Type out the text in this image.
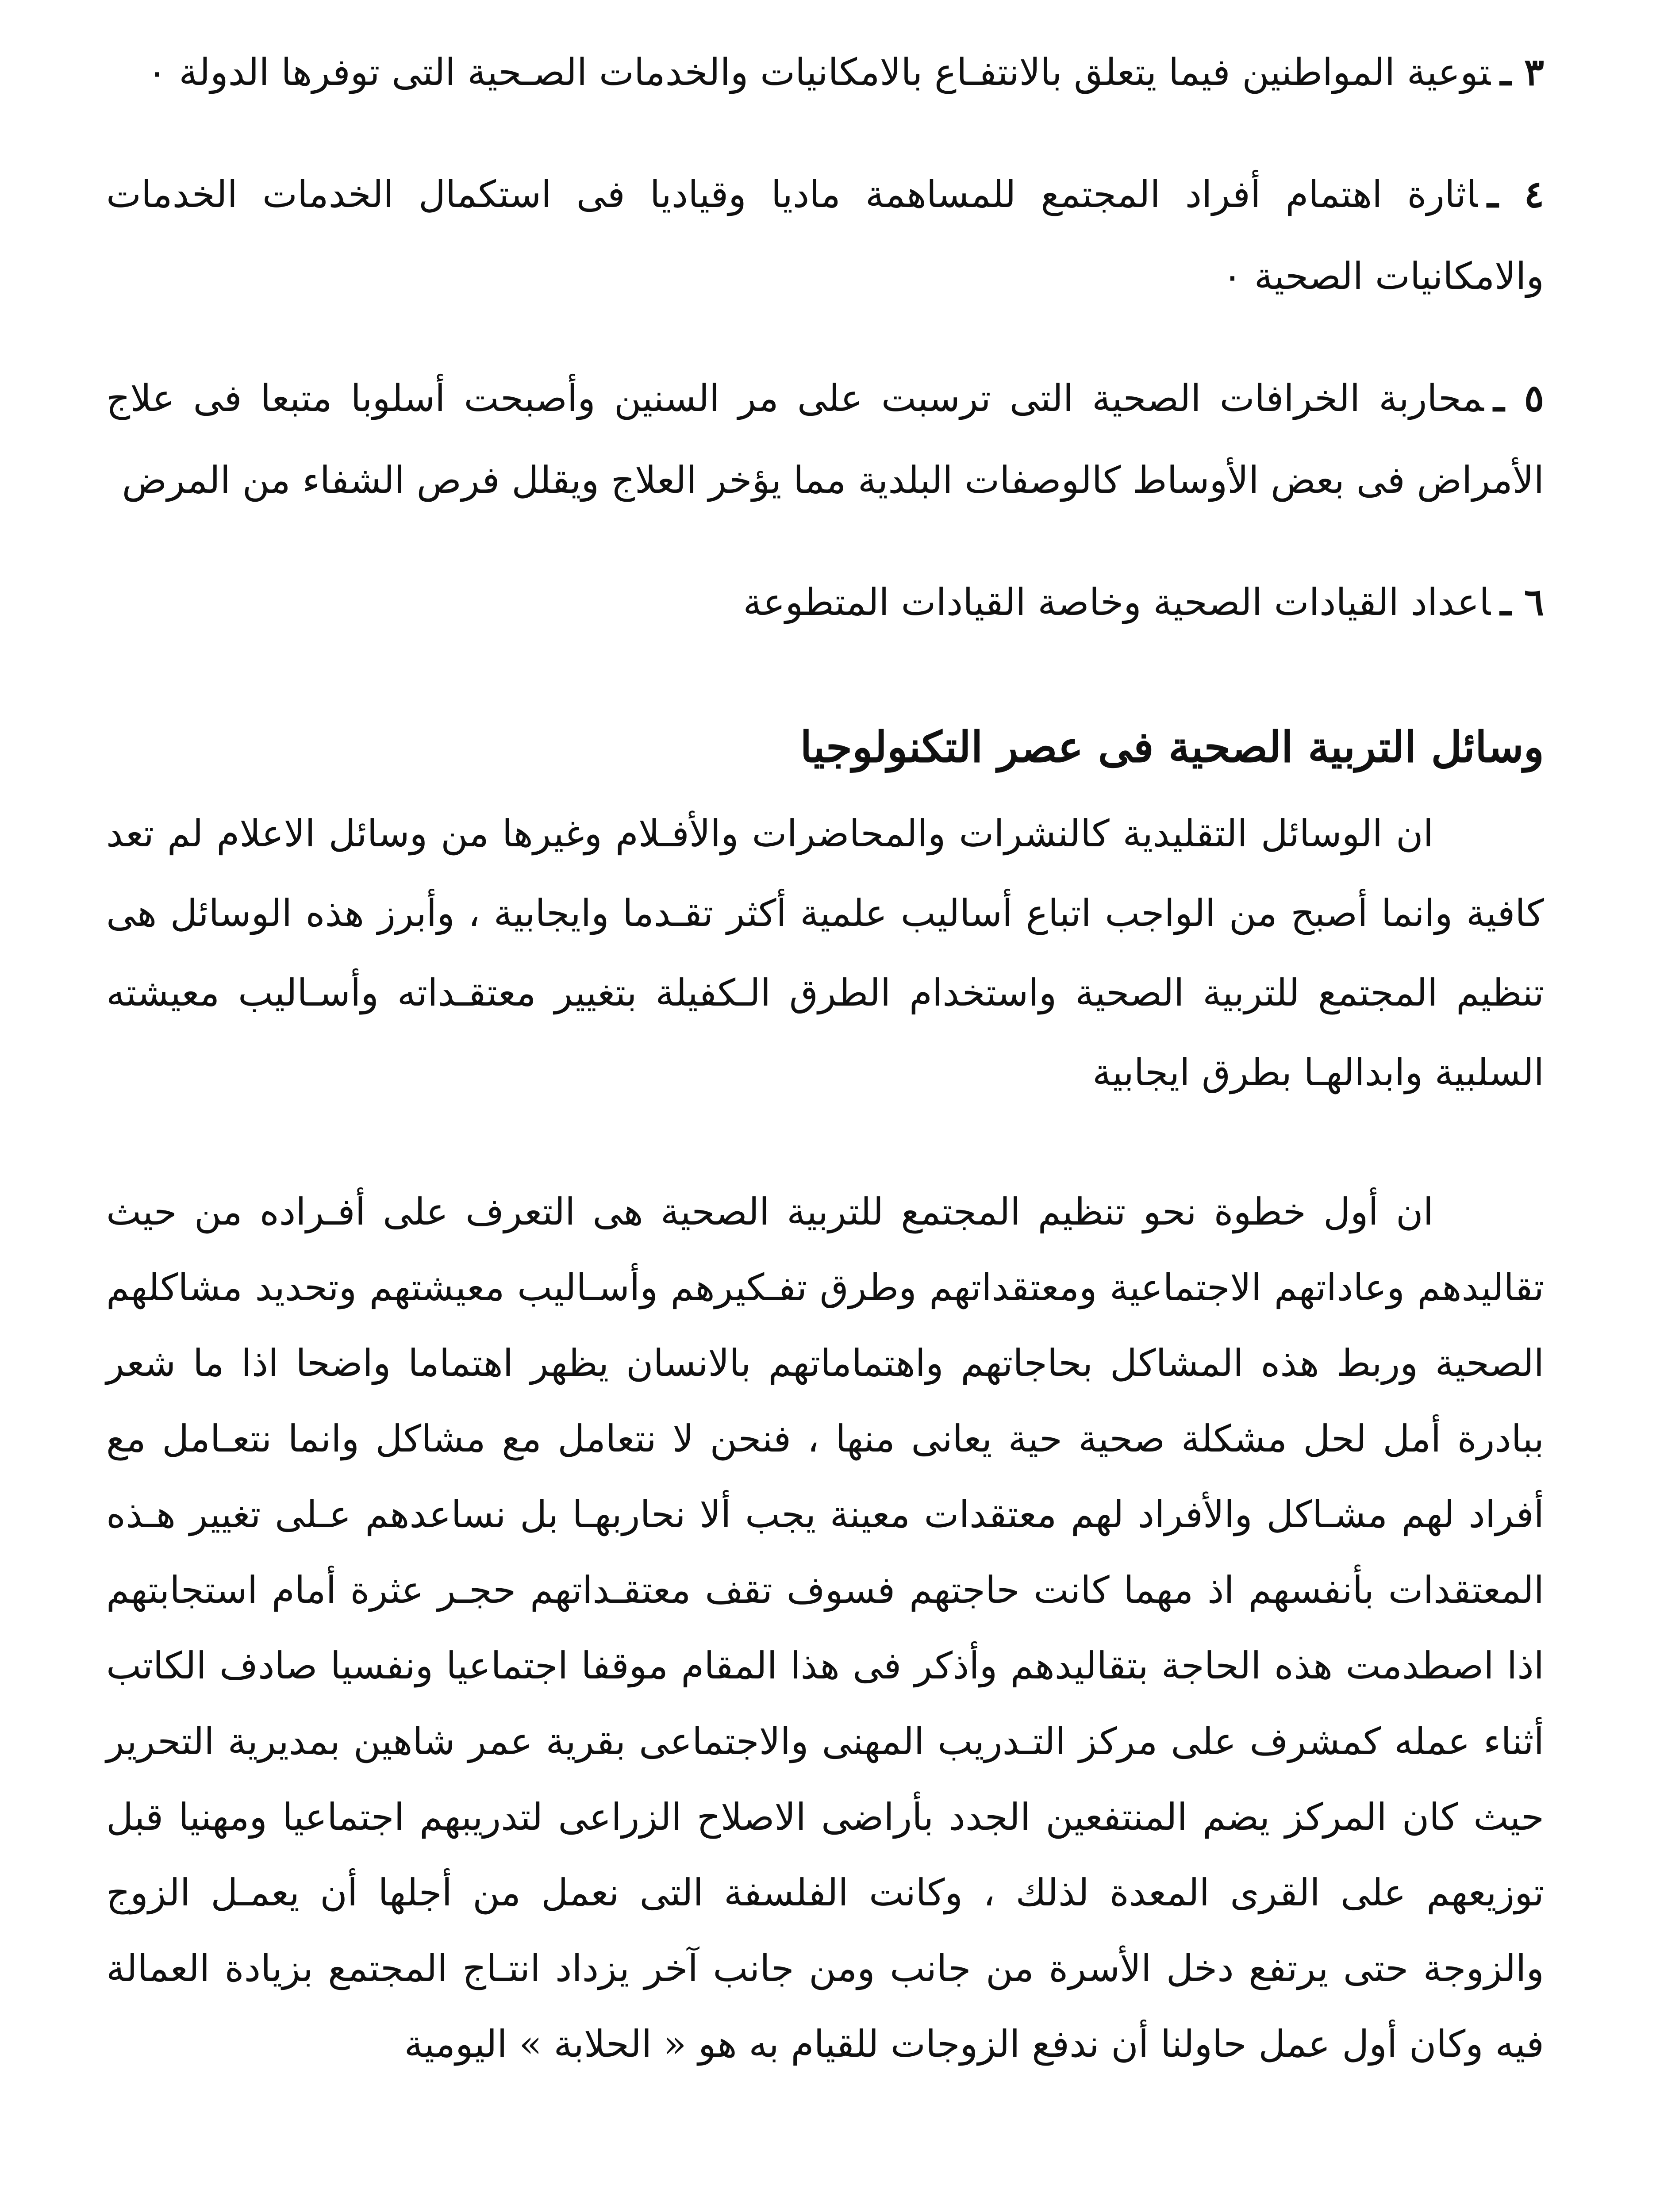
٣ ـتوعية المواطنين فيما يتعلق بالانتفـاع بالامكانيات والخدمات الصـحية التى توفرها الدولة ٠
٤ ـاثارة اهتمام أفراد المجتمع للمساهمة ماديا وقياديا فى استكمال الخدمات الخدمات والامكانيات الصحية ٠
٥ ـمحاربة الخرافات الصحية التى ترسبت على مر السنين وأصبحت أسلوبا متبعا فى علاج الأمراض فى بعض الأوساط كالوصفات البلدية مما يؤخر العلاج ويقلل فرص الشفاء من المرض
٦ ـاعداد القيادات الصحية وخاصة القيادات المتطوعة
وسائل التربية الصحية فى عصر التكنولوجيا

ان الوسائل التقليدية كالنشرات والمحاضرات والأفـلام وغيرها من وسائل الاعلام لم تعد كافية وانما أصبح من الواجب اتباع أساليب علمية أكثر تقـدما وايجابية ، وأبرز هذه الوسائل هى تنظيم المجتمع للتربية الصحية واستخدام الطرق الـكفيلة بتغيير معتقـداته وأسـاليب معيشته السلبية وابدالهـا بطرق ايجابية

ان أول خطوة نحو تنظيم المجتمع للتربية الصحية هى التعرف على أفـراده من حيث تقاليدهم وعاداتهم الاجتماعية ومعتقداتهم وطرق تفـكيرهم وأسـاليب معيشتهم وتحديد مشاكلهم الصحية وربط هذه المشاكل بحاجاتهم واهتماماتهم بالانسان يظهر اهتماما واضحا اذا ما شعر ببادرة أمل لحل مشكلة صحية حية يعانى منها ، فنحن لا نتعامل مع مشاكل وانما نتعـامل مع أفراد لهم مشـاكل والأفراد لهم معتقدات معينة يجب ألا نحاربهـا بل نساعدهم عـلى تغيير هـذه المعتقدات بأنفسهم اذ مهما كانت حاجتهم فسوف تقف معتقـداتهم حجـر عثرة أمام استجابتهم اذا اصطدمت هذه الحاجة بتقاليدهم وأذكر فى هذا المقام موقفا اجتماعيا ونفسيا صادف الكاتب أثناء عمله كمشرف على مركز التـدريب المهنى والاجتماعى بقرية عمر شاهين بمديرية التحرير حيث كان المركز يضم المنتفعين الجدد بأراضى الاصلاح الزراعى لتدريبهم اجتماعيا ومهنيا قبل توزيعهم على القرى المعدة لذلك ، وكانت الفلسفة التى نعمل من أجلها أن يعمـل الزوج والزوجة حتى يرتفع دخل الأسرة من جانب ومن جانب آخر يزداد انتـاج المجتمع بزيادة العمالة فيه وكان أول عمل حاولنا أن ندفع الزوجات للقيام به هو « الحلابة » اليومية
